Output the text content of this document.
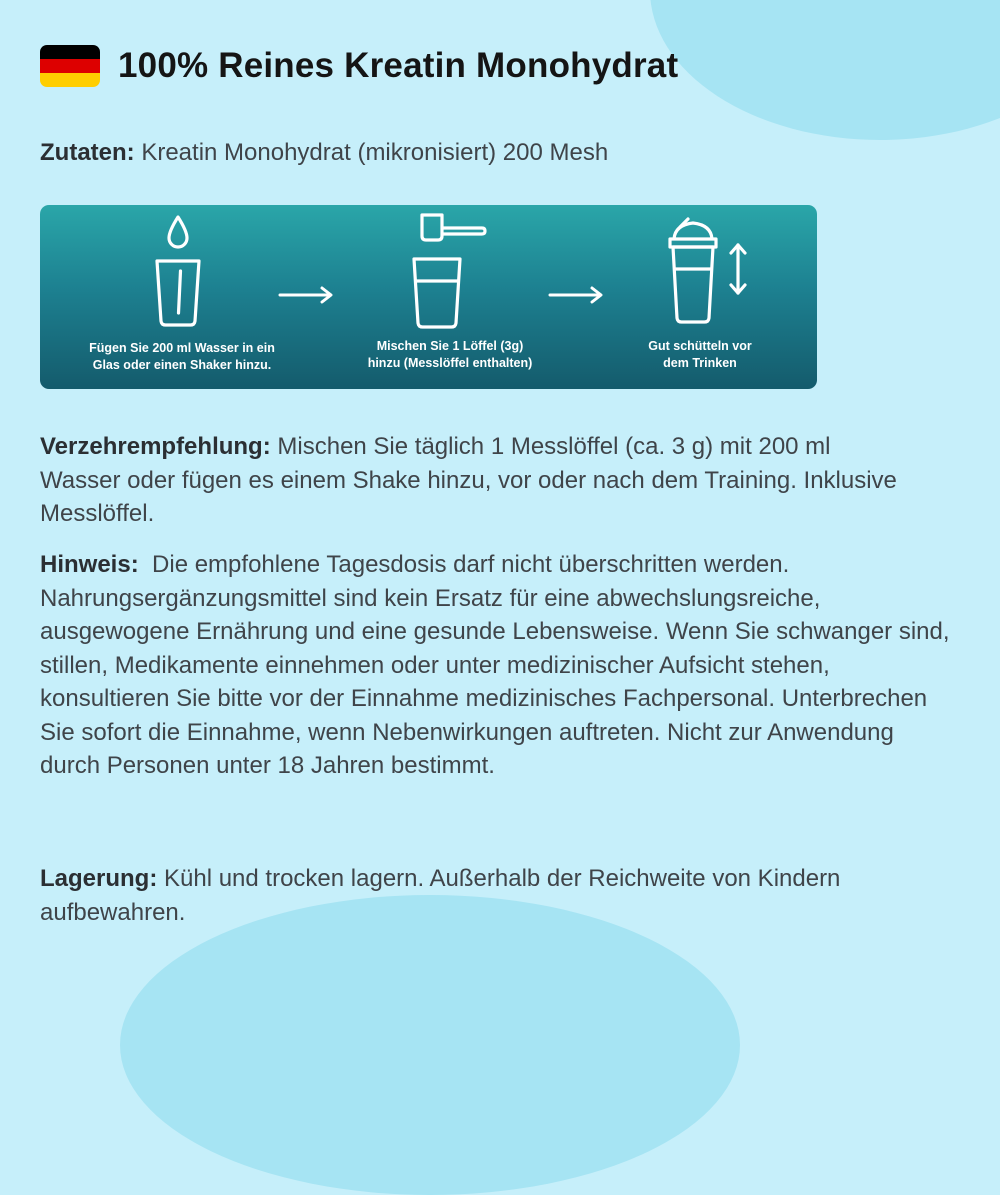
100% Reines Kreatin Monohydrat
Zutaten: Kreatin Monohydrat (mikronisiert) 200 Mesh
Fügen Sie 200 ml Wasser in ein
Glas oder einen Shaker hinzu.
Mischen Sie 1 Löffel (3g)
hinzu (Messlöffel enthalten)
Gut schütteln vor
dem Trinken
Verzehrempfehlung: Mischen Sie täglich 1 Messlöffel (ca. 3 g) mit 200 ml Wasser oder fügen es einem Shake hinzu, vor oder nach dem Training. Inklusive Messlöffel.
Hinweis: Die empfohlene Tagesdosis darf nicht überschritten werden. Nahrungsergänzungsmittel sind kein Ersatz für eine abwechslungsreiche, ausgewogene Ernährung und eine gesunde Lebensweise. Wenn Sie schwanger sind, stillen, Medikamente einnehmen oder unter medizinischer Aufsicht stehen, konsultieren Sie bitte vor der Einnahme medizinisches Fachpersonal. Unterbrechen Sie sofort die Einnahme, wenn Nebenwirkungen auftreten. Nicht zur Anwendung durch Personen unter 18 Jahren bestimmt.
Lagerung: Kühl und trocken lagern. Außerhalb der Reichweite von Kindern aufbewahren.
